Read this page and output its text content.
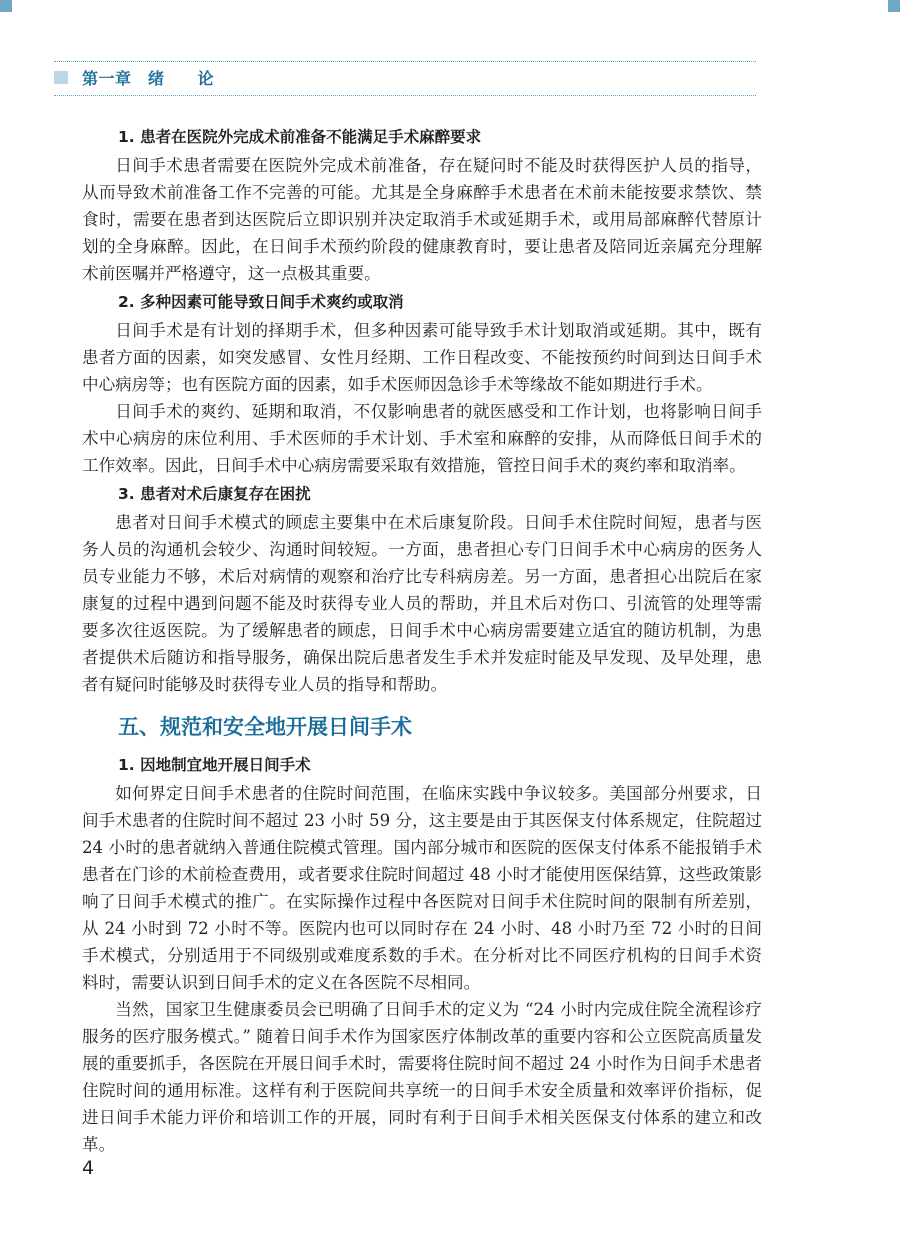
第一章　绪　　论

1. 患者在医院外完成术前准备不能满足手术麻醉要求

日间手术患者需要在医院外完成术前准备，存在疑问时不能及时获得医护人员的指导，从而导致术前准备工作不完善的可能。尤其是全身麻醉手术患者在术前未能按要求禁饮、禁食时，需要在患者到达医院后立即识别并决定取消手术或延期手术，或用局部麻醉代替原计划的全身麻醉。因此，在日间手术预约阶段的健康教育时，要让患者及陪同近亲属充分理解术前医嘱并严格遵守，这一点极其重要。

2. 多种因素可能导致日间手术爽约或取消

日间手术是有计划的择期手术，但多种因素可能导致手术计划取消或延期。其中，既有患者方面的因素，如突发感冒、女性月经期、工作日程改变、不能按预约时间到达日间手术中心病房等；也有医院方面的因素，如手术医师因急诊手术等缘故不能如期进行手术。

日间手术的爽约、延期和取消，不仅影响患者的就医感受和工作计划，也将影响日间手术中心病房的床位利用、手术医师的手术计划、手术室和麻醉的安排，从而降低日间手术的工作效率。因此，日间手术中心病房需要采取有效措施，管控日间手术的爽约率和取消率。

3. 患者对术后康复存在困扰

患者对日间手术模式的顾虑主要集中在术后康复阶段。日间手术住院时间短，患者与医务人员的沟通机会较少、沟通时间较短。一方面，患者担心专门日间手术中心病房的医务人员专业能力不够，术后对病情的观察和治疗比专科病房差。另一方面，患者担心出院后在家康复的过程中遇到问题不能及时获得专业人员的帮助，并且术后对伤口、引流管的处理等需要多次往返医院。为了缓解患者的顾虑，日间手术中心病房需要建立适宜的随访机制，为患者提供术后随访和指导服务，确保出院后患者发生手术并发症时能及早发现、及早处理，患者有疑问时能够及时获得专业人员的指导和帮助。

五、规范和安全地开展日间手术

1. 因地制宜地开展日间手术

如何界定日间手术患者的住院时间范围，在临床实践中争议较多。美国部分州要求，日间手术患者的住院时间不超过 23 小时 59 分，这主要是由于其医保支付体系规定，住院超过 24 小时的患者就纳入普通住院模式管理。国内部分城市和医院的医保支付体系不能报销手术患者在门诊的术前检查费用，或者要求住院时间超过 48 小时才能使用医保结算，这些政策影响了日间手术模式的推广。在实际操作过程中各医院对日间手术住院时间的限制有所差别，从 24 小时到 72 小时不等。医院内也可以同时存在 24 小时、48 小时乃至 72 小时的日间手术模式，分别适用于不同级别或难度系数的手术。在分析对比不同医疗机构的日间手术资料时，需要认识到日间手术的定义在各医院不尽相同。

当然，国家卫生健康委员会已明确了日间手术的定义为 “24 小时内完成住院全流程诊疗服务的医疗服务模式。” 随着日间手术作为国家医疗体制改革的重要内容和公立医院高质量发展的重要抓手，各医院在开展日间手术时，需要将住院时间不超过 24 小时作为日间手术患者住院时间的通用标准。这样有利于医院间共享统一的日间手术安全质量和效率评价指标，促进日间手术能力评价和培训工作的开展，同时有利于日间手术相关医保支付体系的建立和改革。

4
